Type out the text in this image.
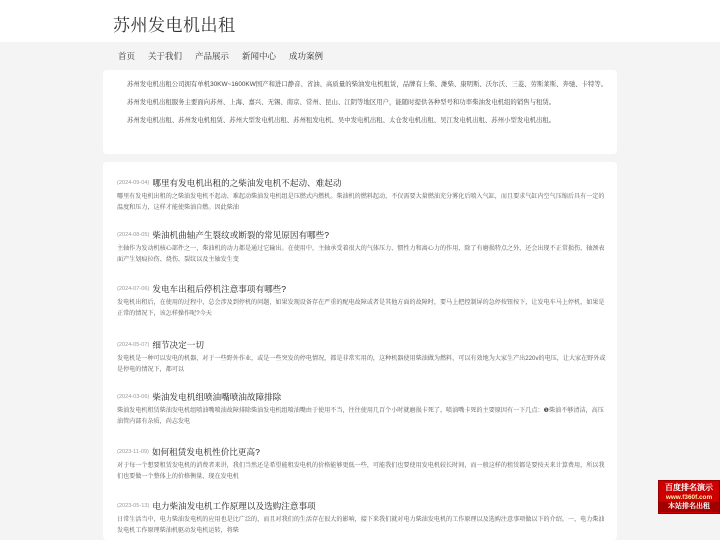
苏州发电机出租
首页 关于我们 产品展示 新闻中心 成功案例

苏州发电机出租公司拥有单机30KW~1600KW国产和进口静音、省油、高质量的柴油发电机租赁，品牌有上柴、潍柴、康明斯、沃尔沃、三菱、劳斯莱斯、奔驰、卡特等。

苏州发电机出租服务主要面向苏州、上海、嘉兴、无锡、南京、常州、昆山、江阴等地区用户，能随时提供各种型号和功率柴油发电机组的销售与租赁。

苏州发电机出租、苏州发电机租赁、苏州大型发电机出租、苏州租发电机、吴中发电机出租、太仓发电机出租、吴江发电机出租、苏州小型发电机出租。

(2024-09-04) 哪里有发电机出租的之柴油发电机不起动、难起动
哪里有发电机出租的之柴油发电机不起动、难起动柴油发电机组是压燃式内燃机。柴油机的燃料起动，不仅需要大量燃油充分雾化后喷入气缸，而且要求气缸内空气压缩后具有一定的温度和压力，这样才能使柴油自燃。因此柴油
(2024-08-05) 柴油机曲轴产生裂纹或断裂的常见原因有哪些?
主轴作为发动机核心部件之一，柴油机的动力都是通过它输出。在使用中，主轴承受着很大的气体压力、惯性力和离心力的作用，除了有磨损特点之外，还会出现不正常损伤、轴颈表面产生划痕拉伤、烧伤、裂纹以及主轴发生变
(2024-07-06) 发电车出租后停机注意事项有哪些?
发电机出租后，在使用的过程中，总会涉及到停机的问题，如果发现设备存在严重的配电故障或者是其他方面的故障时，要马上把控制屏的急停按钮按下，让发电车马上停机，如果是正常的情况下，该怎样操作呢?今天
(2024-05-07) 细节决定一切
发电机是一种可以发电的机器，对于一些野外作业，或是一些突发的停电情况，都是非常实用的，这种机器使用柴油做为燃料，可以有效地为大家生产出220v的电压，让大家在野外或是停电的情况下，都可以
(2024-03-06) 柴油发电机组喷油嘴喷油故障排除
柴油发电机租赁柴油发电机组喷油嘴喷油故障排除柴油发电机组喷油嘴由于使用不当，往往使用几百个小时就磨损卡死了。喷油嘴卡死的主要原因有一下几点：❶柴油不够清洁，高压油管内部有杂质，尚志发电
(2023-11-09) 如何租赁发电机性价比更高?
对于每一个想要租赁发电机的消费者来讲，我们当然还是希望能租发电机的价格能够更低一些，可能我们也要使用发电机较长时间，而一般这样的租赁都是要按天来计算费用，所以我们也要做一个整体上的价格衡量，现在发电机
(2023-05-13) 电力柴油发电机工作原理以及选购注意事项
日常生活当中，电力柴油发电机的应用也是比广泛的，而且对我们的生活存在很大的影响，接下来我们就对电力柴油发电机的工作原理以及选购注意事项做以下的介绍。一、电力柴油发电机工作原理柴油机驱动发电机运转，将柴
百度排名演示
www.f360f.com
本站排名出租
